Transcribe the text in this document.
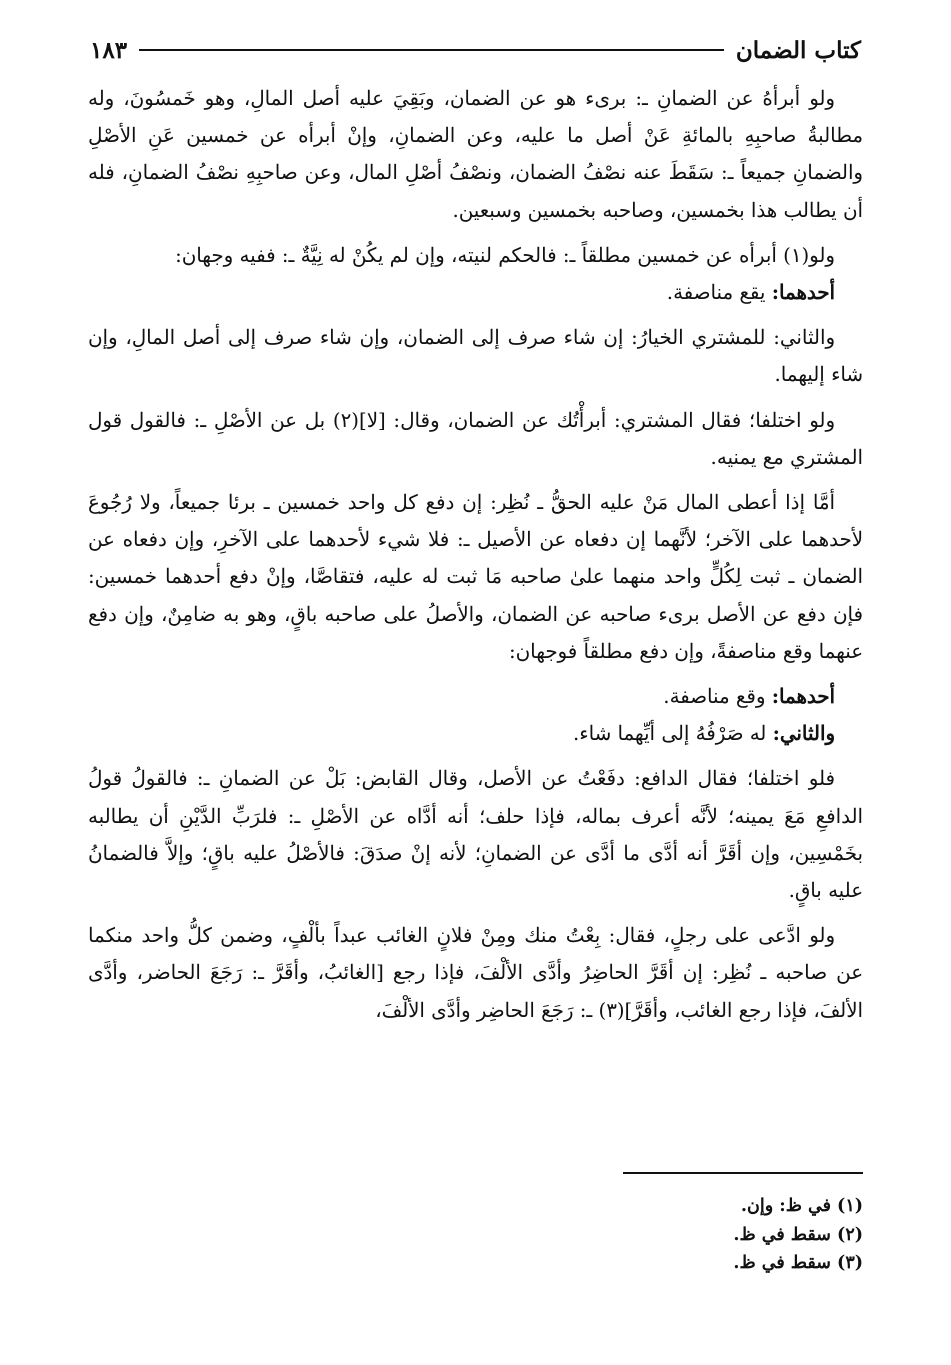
كتاب الضمان
١٨٣

ولو أبرأهُ عن الضمانِ ـ: برىء هو عن الضمان، وبَقِيَ عليه أصل المالِ، وهو خَمسُونَ، وله مطالبةُ صاحبِهِ بالمائةِ عَنْ أصل ما عليه، وعن الضمانِ، وإنْ أبرأه عن خمسين عَنِ الأصْلِ والضمانِ جميعاً ـ: سَقَطَ عنه نصْفُ الضمان، ونصْفُ أصْلِ المال، وعن صاحبِهِ نصْفُ الضمانِ، فله أن يطالب هذا بخمسين، وصاحبه بخمسين وسبعين.

ولو(١) أبرأه عن خمسين مطلقاً ـ: فالحكم لنيته، وإن لم يكُنْ له نِيَّةٌ ـ: ففيه وجهان:

أحدهما: يقع مناصفة.

والثاني: للمشتري الخيارُ: إن شاء صرف إلى الضمان، وإن شاء صرف إلى أصل المالِ، وإن شاء إليهما.

ولو اختلفا؛ فقال المشتري: أبرأْتُك عن الضمان، وقال: [لا](٢) بل عن الأصْلِ ـ: فالقول قول المشتري مع يمنيه.

أمَّا إذا أعطى المال مَنْ عليه الحقُّ ـ نُظِر: إن دفع كل واحد خمسين ـ برئا جميعاً، ولا رُجُوعَ لأحدهما على الآخر؛ لأنَّهما إن دفعاه عن الأصيل ـ: فلا شيء لأحدهما على الآخرِ، وإن دفعاه عن الضمان ـ ثبت لِكُلٍّ واحد منهما علىٰ صاحبه مَا ثبت له عليه، فتقاصَّا، وإنْ دفع أحدهما خمسين: فإن دفع عن الأصل برىء صاحبه عن الضمان، والأصلُ على صاحبه باقٍ، وهو به ضامِنٌ، وإن دفع عنهما وقع مناصفةً، وإن دفع مطلقاً فوجهان:

أحدهما: وقع مناصفة.

والثاني: له صَرْفُهُ إلى أيِّهما شاء.

فلو اختلفا؛ فقال الدافع: دفَعْتُ عن الأصل، وقال القابض: بَلْ عن الضمانِ ـ: فالقولُ قولُ الدافعِ مَعَ يمينه؛ لأنَّه أعرف بماله، فإذا حلف؛ أنه أدَّاه عن الأصْلِ ـ: فلرَبِّ الدَّيْنِ أن يطالبه بخَمْسِين، وإن أقَرَّ أنه أدَّى ما أدَّى عن الضمانِ؛ لأنه إنْ صدَقَ: فالأصْلُ عليه باقٍ؛ وإلاَّ فالضمانُ عليه باقٍ.

ولو ادَّعى على رجلٍ، فقال: بِعْتُ منك ومِنْ فلانٍ الغائب عبداً بألْفٍ، وضمن كلُّ واحد منكما عن صاحبه ـ نُظِر: إن أقَرَّ الحاضِرُ وأدَّى الألْفَ، فإذا رجع [الغائبُ، وأقَرَّ ـ: رَجَعَ الحاضر، وأدَّى الألفَ، فإذا رجع الغائب، وأقَرَّ](٣) ـ: رَجَعَ الحاضِر وأدَّى الألْفَ،

(١) في ظ: وإن.
(٢) سقط في ظ.
(٣) سقط في ظ.
